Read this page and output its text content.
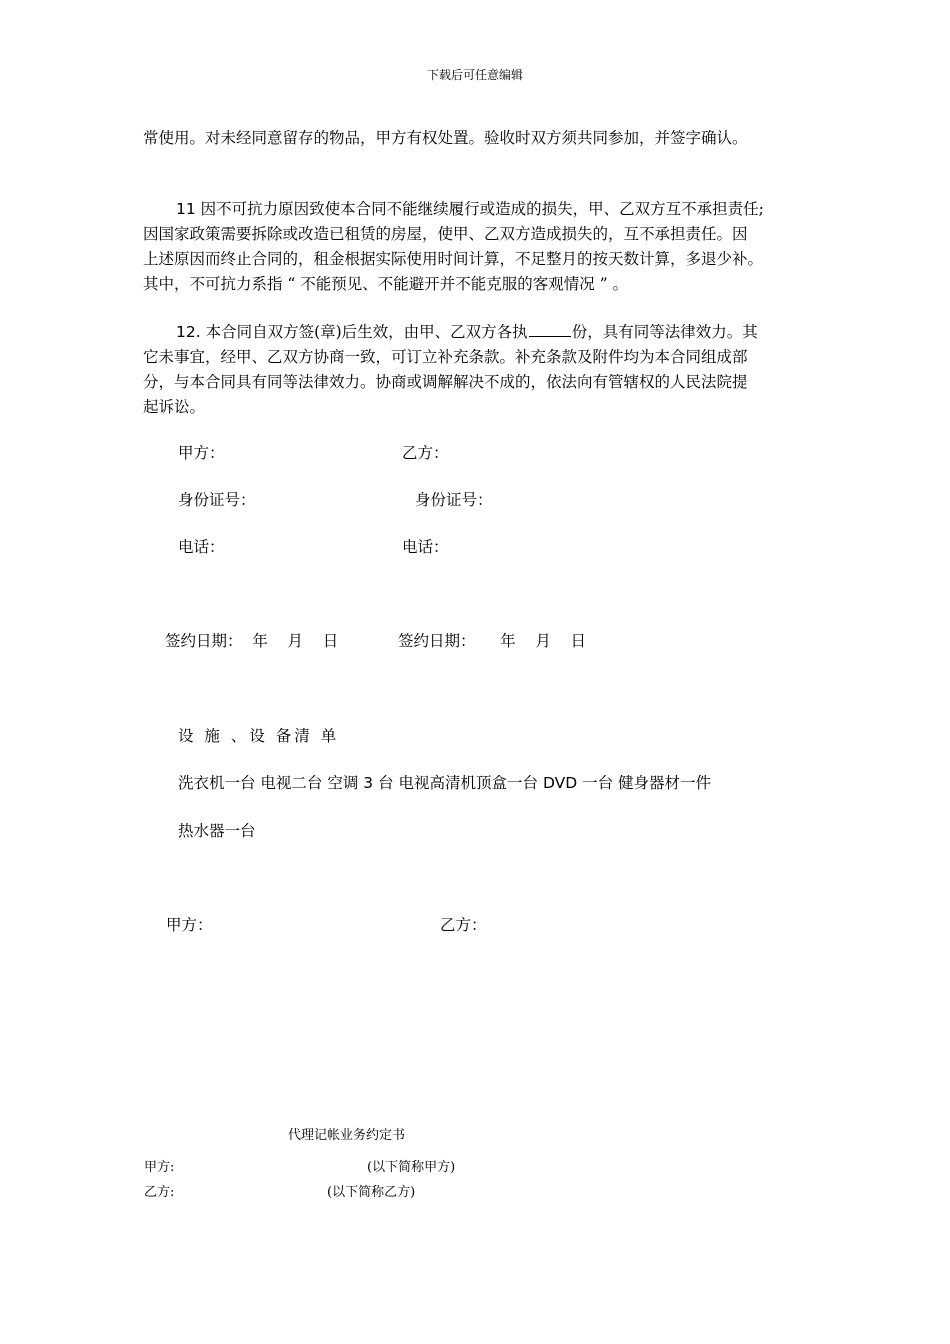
下载后可任意编辑
常使用。对未经同意留存的物品，甲方有权处置。验收时双方须共同参加，并签字确认。
11 因不可抗力原因致使本合同不能继续履行或造成的损失，甲、乙双方互不承担责任;
因国家政策需要拆除或改造已租赁的房屋，使甲、乙双方造成损失的，互不承担责任。因
上述原因而终止合同的，租金根据实际使用时间计算，不足整月的按天数计算，多退少补。
其中，不可抗力系指 “ 不能预见、不能避开并不能克服的客观情况 ” 。
12. 本合同自双方签(章)后生效，由甲、乙双方各执	份，具有同等法律效力。其
它未事宜，经甲、乙双方协商一致，可订立补充条款。补充条款及附件均为本合同组成部
分，与本合同具有同等法律效力。协商或调解解决不成的，依法向有管辖权的人民法院提
起诉讼。
甲方：	乙方：
身份证号：	身份证号：
电话：	电话：
签约日期：  年    月    日	签约日期：     年    月    日
设 施 、设 备清 单
洗衣机一台 电视二台 空调 3 台 电视高清机顶盒一台 DVD 一台 健身器材一件
热水器一台
甲方：	乙方：
代理记帐业务约定书
甲方:	(以下简称甲方)
乙方:	(以下简称乙方)
